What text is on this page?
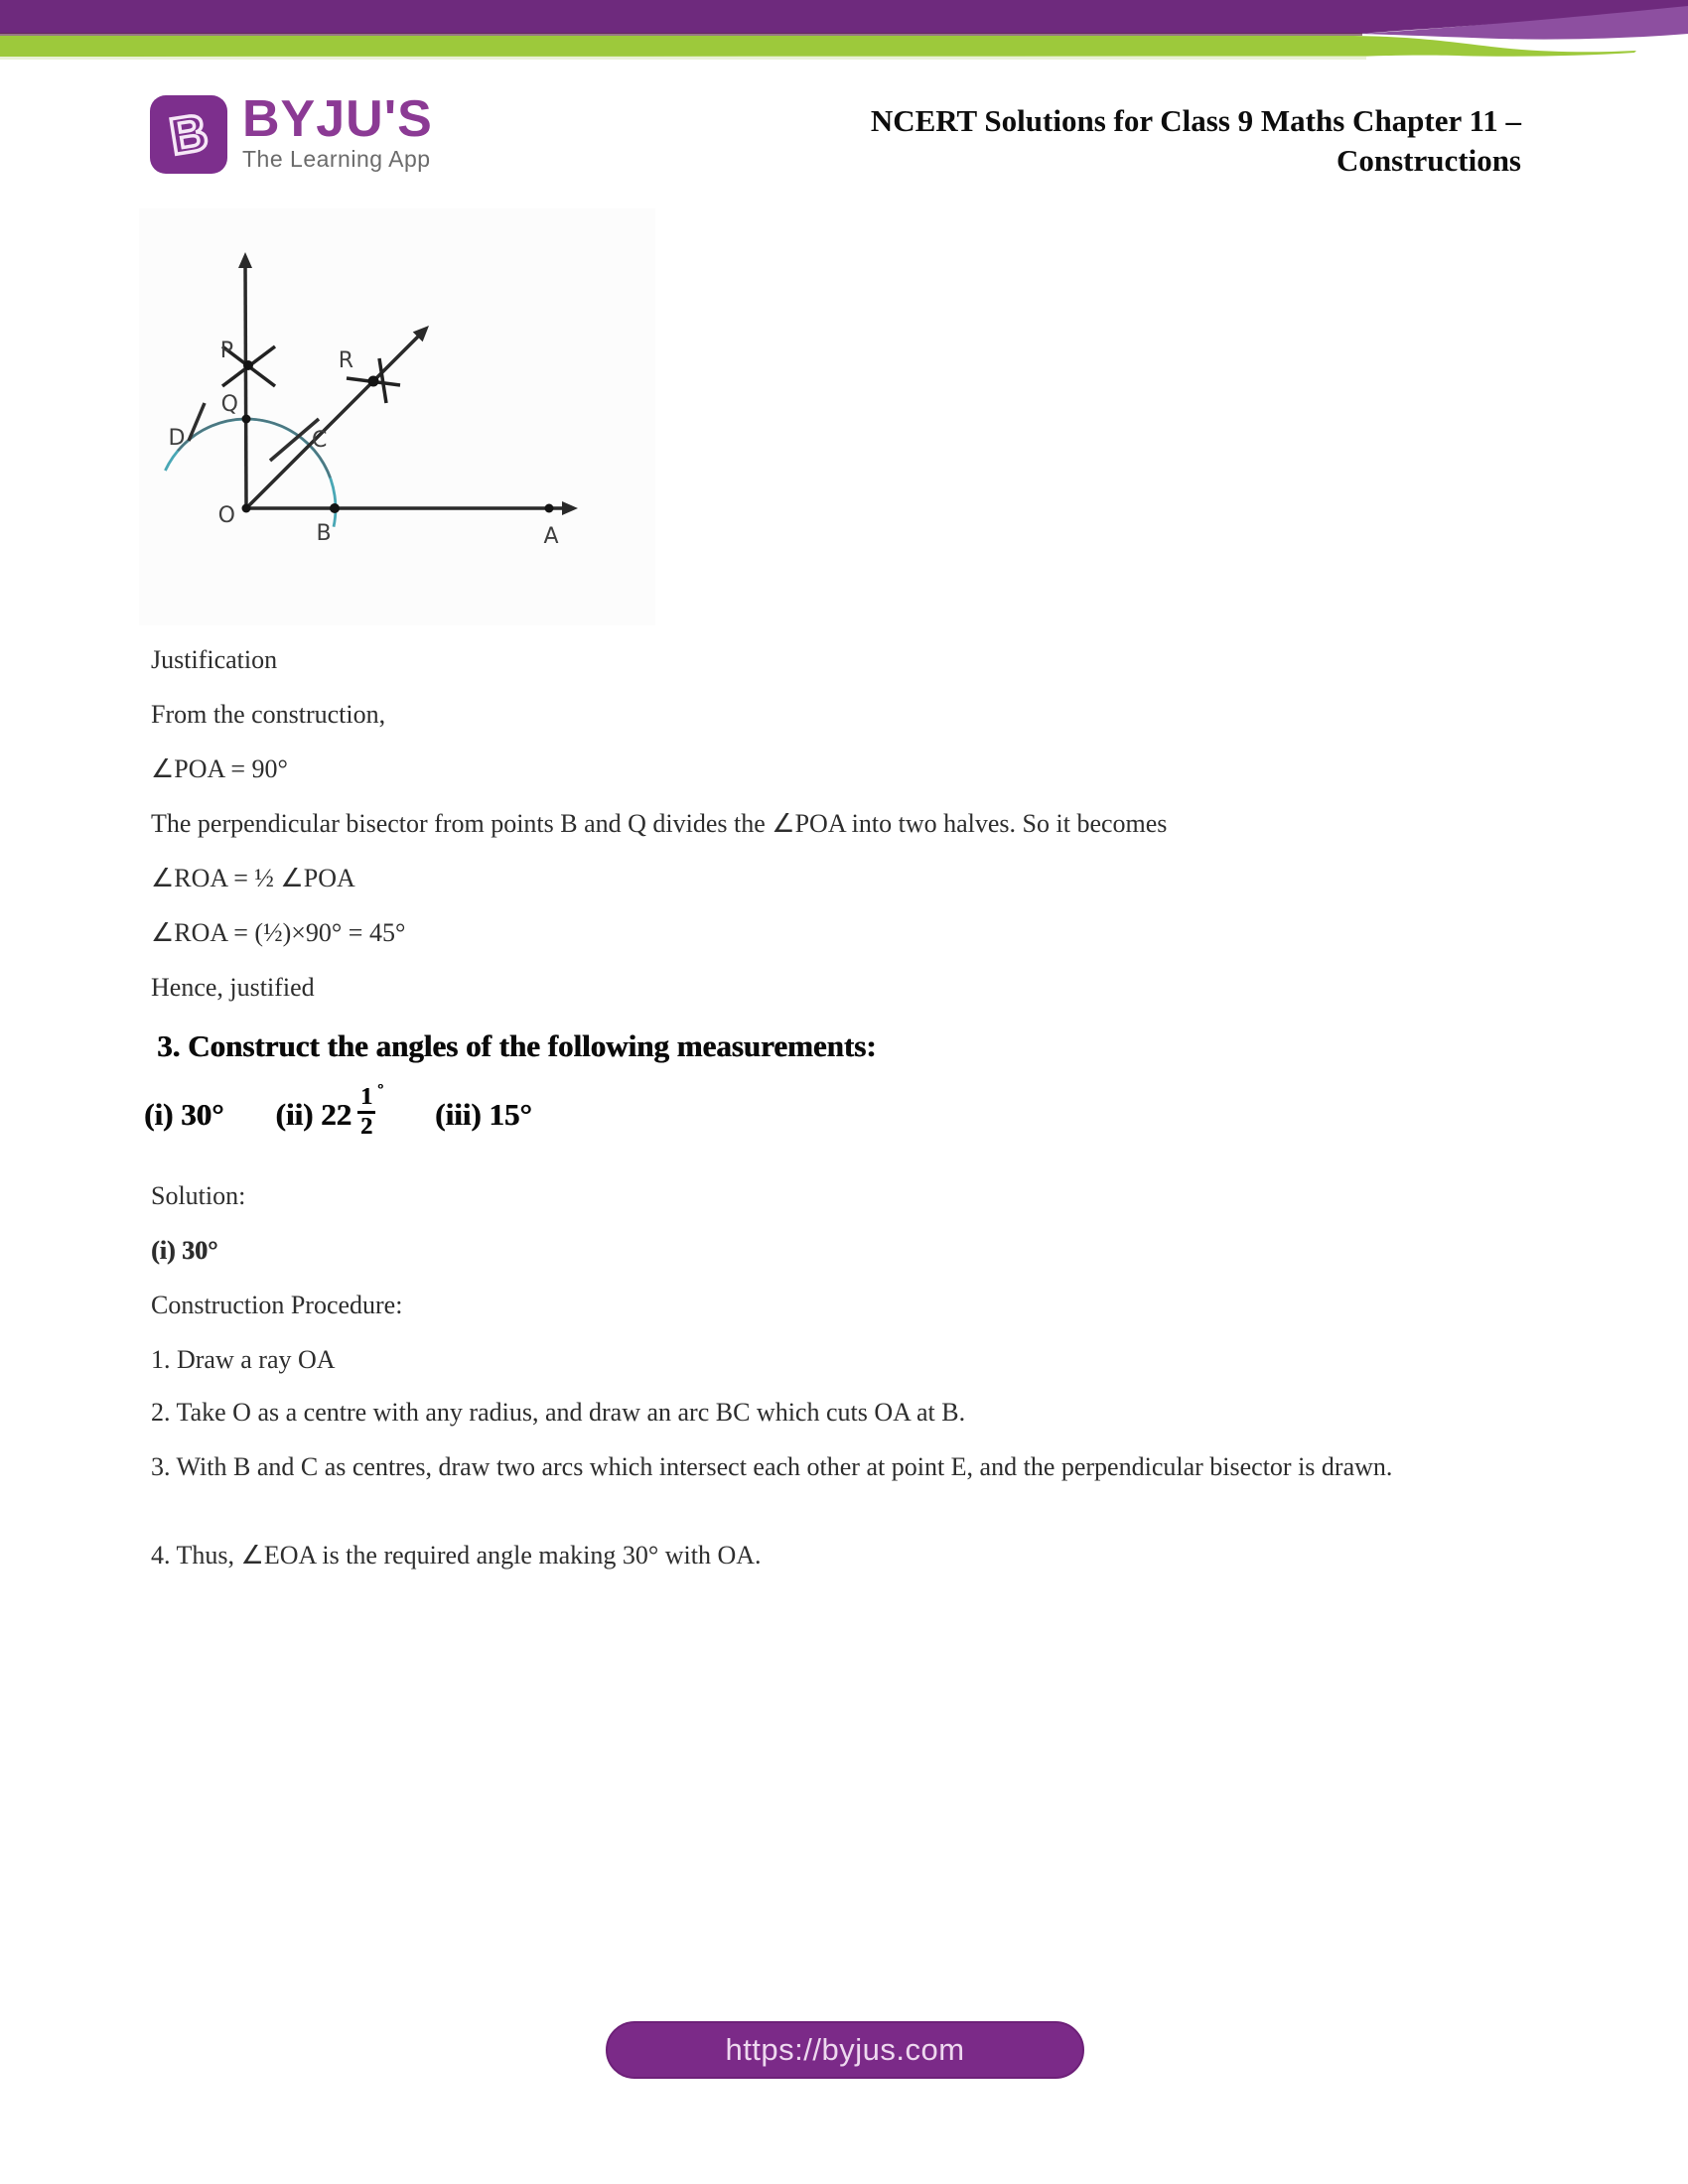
B BYJU'S
The Learning App
NCERT Solutions for Class 9 Maths Chapter 11 –
Constructions
P
Q
D
O
B	A
C
R
Justification
From the construction,
∠POA = 90°
The perpendicular bisector from points B and Q divides the ∠POA into two halves. So it becomes
∠ROA = ½ ∠POA
∠ROA = (½)×90° = 45°
Hence, justified
3. Construct the angles of the following measurements:
(i) 30° (ii) $22 \frac{1 ^\circ}{2} (iii)$ 15°
Solution:
(i) 30°
Construction Procedure:
1. Draw a ray OA
2. Take O as a centre with any radius, and draw an arc BC which cuts OA at B.
3. With B and C as centres, draw two arcs which intersect each other at point E, and the perpendicular bisector is drawn.
4. Thus, ∠EOA is the required angle making 30° with OA.
https://byjus.com
